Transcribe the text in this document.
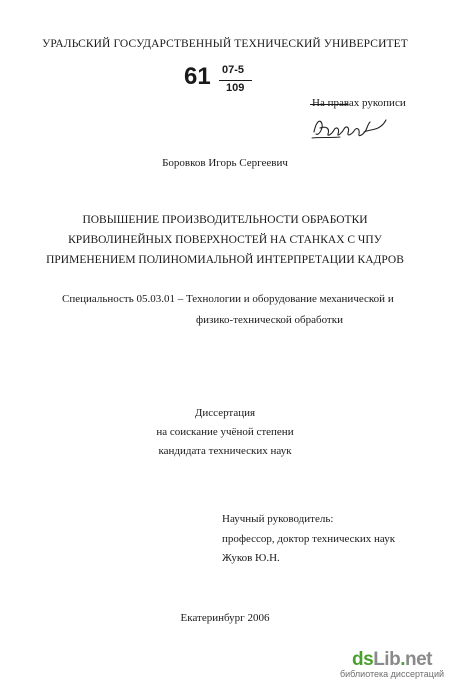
УРАЛЬСКИЙ ГОСУДАРСТВЕННЫЙ ТЕХНИЧЕСКИЙ УНИВЕРСИТЕТ
61 07-5
109
На правах рукописи
Боровков Игорь Сергеевич
ПОВЫШЕНИЕ ПРОИЗВОДИТЕЛЬНОСТИ ОБРАБОТКИ
КРИВОЛИНЕЙНЫХ ПОВЕРХНОСТЕЙ НА СТАНКАХ С ЧПУ
ПРИМЕНЕНИЕМ ПОЛИНОМИАЛЬНОЙ ИНТЕРПРЕТАЦИИ КАДРОВ
Специальность 05.03.01 – Технологии и оборудование механической и
физико-технической обработки
Диссертация
на соискание учёной степени
кандидата технических наук
Научный руководитель:
профессор, доктор технических наук
Жуков Ю.Н.
Екатеринбург 2006
dsLib.net
библиотека диссертаций
